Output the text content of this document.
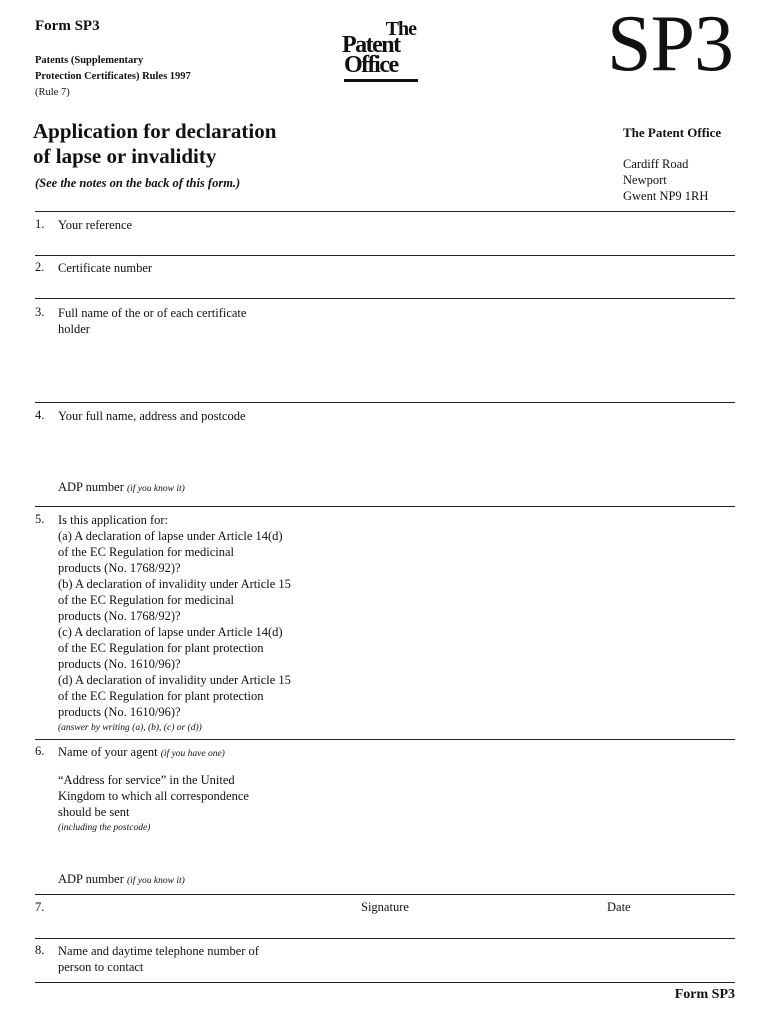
Form SP3
Patents (Supplementary
Protection Certificates) Rules 1997
(Rule 7)
The
Patent
Office	SP3
Application for declaration
of lapse or invalidity
(See the notes on the back of this form.)
The Patent Office
Cardiff Road
Newport
Gwent NP9 1RH
1. Your reference
2. Certificate number
3. Full name of the or of each certificate
holder
4. Your full name, address and postcode
ADP number (if you know it)
5. Is this application for:
(a) A declaration of lapse under Article 14(d)
of the EC Regulation for medicinal
products (No. 1768/92)?
(b) A declaration of invalidity under Article 15
of the EC Regulation for medicinal
products (No. 1768/92)?
(c) A declaration of lapse under Article 14(d)
of the EC Regulation for plant protection
products (No. 1610/96)?
(d) A declaration of invalidity under Article 15
of the EC Regulation for plant protection
products (No. 1610/96)?
(answer by writing (a), (b), (c) or (d))
6. Name of your agent (if you have one)
“Address for service” in the United
Kingdom to which all correspondence
should be sent
(including the postcode)
ADP number (if you know it)
7.	Signature	Date
8. Name and daytime telephone number of
person to contact
Form SP3
